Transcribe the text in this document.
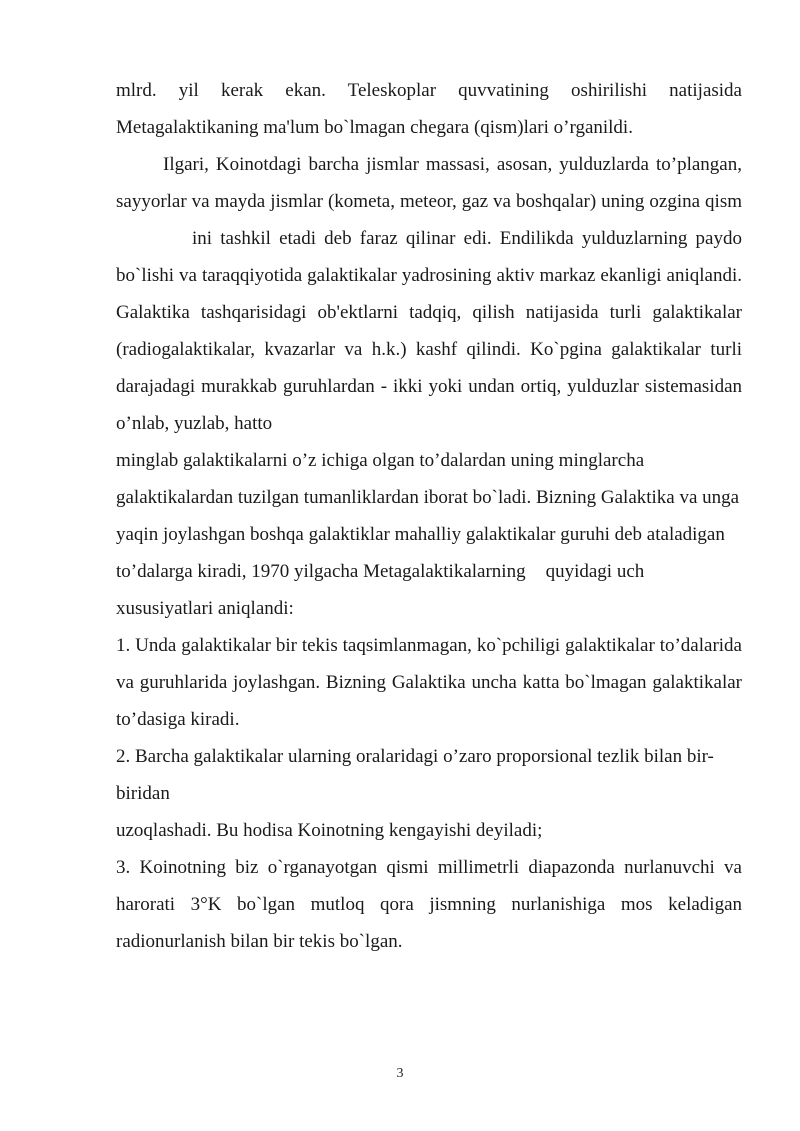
mlrd. yil kerak ekan. Teleskoplar quvvatining oshirilishi natijasida Metagalaktikaning ma'lum bo`lmagan chegara (qism)lari o’rganildi.

Ilgari, Koinotdagi barcha jismlar massasi, asosan, yulduzlarda to’plangan, sayyorlar va mayda jismlar (kometa, meteor, gaz va boshqalar) uning ozgina qismini tashkil etadi deb faraz qilinar edi. Endilikda yulduzlarning paydo bo`lishi va taraqqiyotida galaktikalar yadrosining aktiv markaz ekanligi aniqlandi. Galaktika tashqarisidagi ob'ektlarni tadqiq, qilish natijasida turli galaktikalar (radiogalaktikalar, kvazarlar va h.k.) kashf qilindi. Ko`pgina galaktikalar turli darajadagi murakkab guruhlardan - ikki yoki undan ortiq, yulduzlar sistemasidan o’nlab, yuzlab, hatto

minglab galaktikalarni o’z ichiga olgan to’dalardan uning minglarcha galaktikalardan tuzilgan tumanliklardan iborat bo`ladi. Bizning Galaktika va unga yaqin joylashgan boshqa galaktiklar mahalliy galaktikalar guruhi deb ataladigan to’dalarga kiradi, 1970 yilgacha Metagalaktikalarning quyidagi uch xususiyatlari aniqlandi:

1. Unda galaktikalar bir tekis taqsimlanmagan, ko`pchiligi galaktikalar to’dalarida va guruhlarida joylashgan. Bizning Galaktika uncha katta bo`lmagan galaktikalar to’dasiga kiradi.

2. Barcha galaktikalar ularning oralaridagi o’zaro proporsional tezlik bilan bir-biridan

uzoqlashadi. Bu hodisa Koinotning kengayishi deyiladi;

3. Koinotning biz o`rganayotgan qismi millimetrli diapazonda nurlanuvchi va harorati 3°K bo`lgan mutloq qora jismning nurlanishiga mos keladigan radionurlanish bilan bir tekis bo`lgan.

3
